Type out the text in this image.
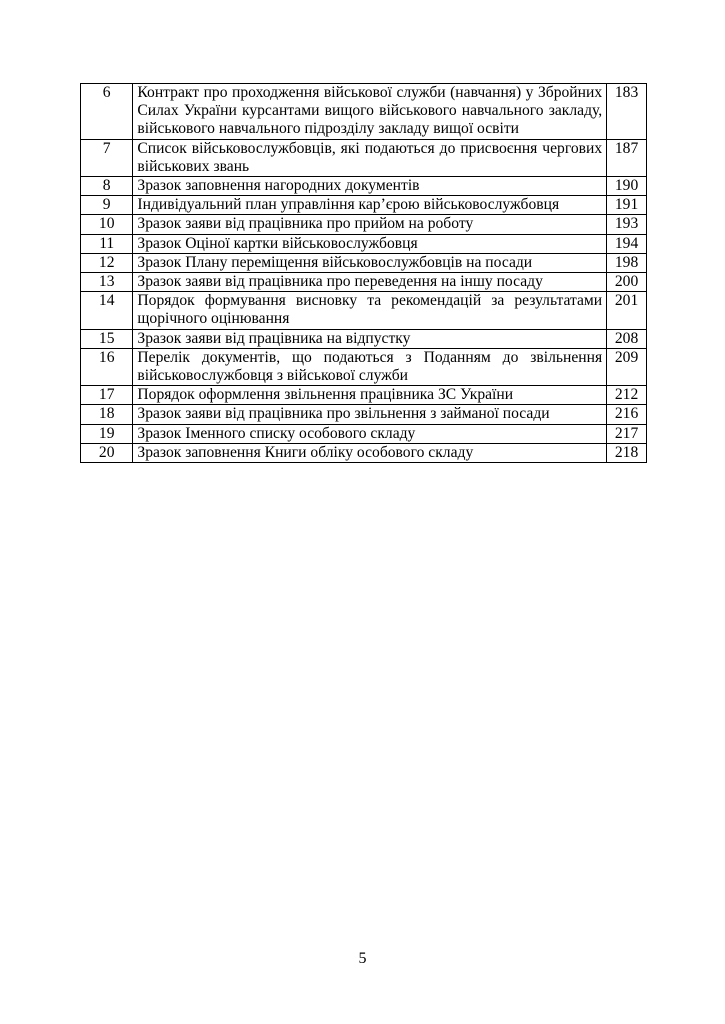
6	Контракт про проходження військової служби (навчання) у Збройних Силах України курсантами вищого військового навчального закладу, військового навчального підрозділу закладу вищої освіти	183
7	Список військовослужбовців, які подаються до присвоєння чергових військових звань	187
8	Зразок заповнення нагородних документів	190
9	Індивідуальний план управління кар’єрою військовослужбовця	191
10	Зразок заяви від працівника про прийом на роботу	193
11	Зразок Оціної картки військовослужбовця	194
12	Зразок Плану переміщення військовослужбовців на посади	198
13	Зразок заяви від працівника про переведення на іншу посаду	200
14	Порядок формування висновку та рекомендацій за результатами щорічного оцінювання	201
15	Зразок заяви від працівника на відпустку	208
16	Перелік документів, що подаються з Поданням до звільнення військовослужбовця з військової служби	209
17	Порядок оформлення звільнення працівника ЗС України	212
18	Зразок заяви від працівника про звільнення з займаної посади	216
19	Зразок Іменного списку особового складу	217
20	Зразок заповнення Книги обліку особового складу	218
5
